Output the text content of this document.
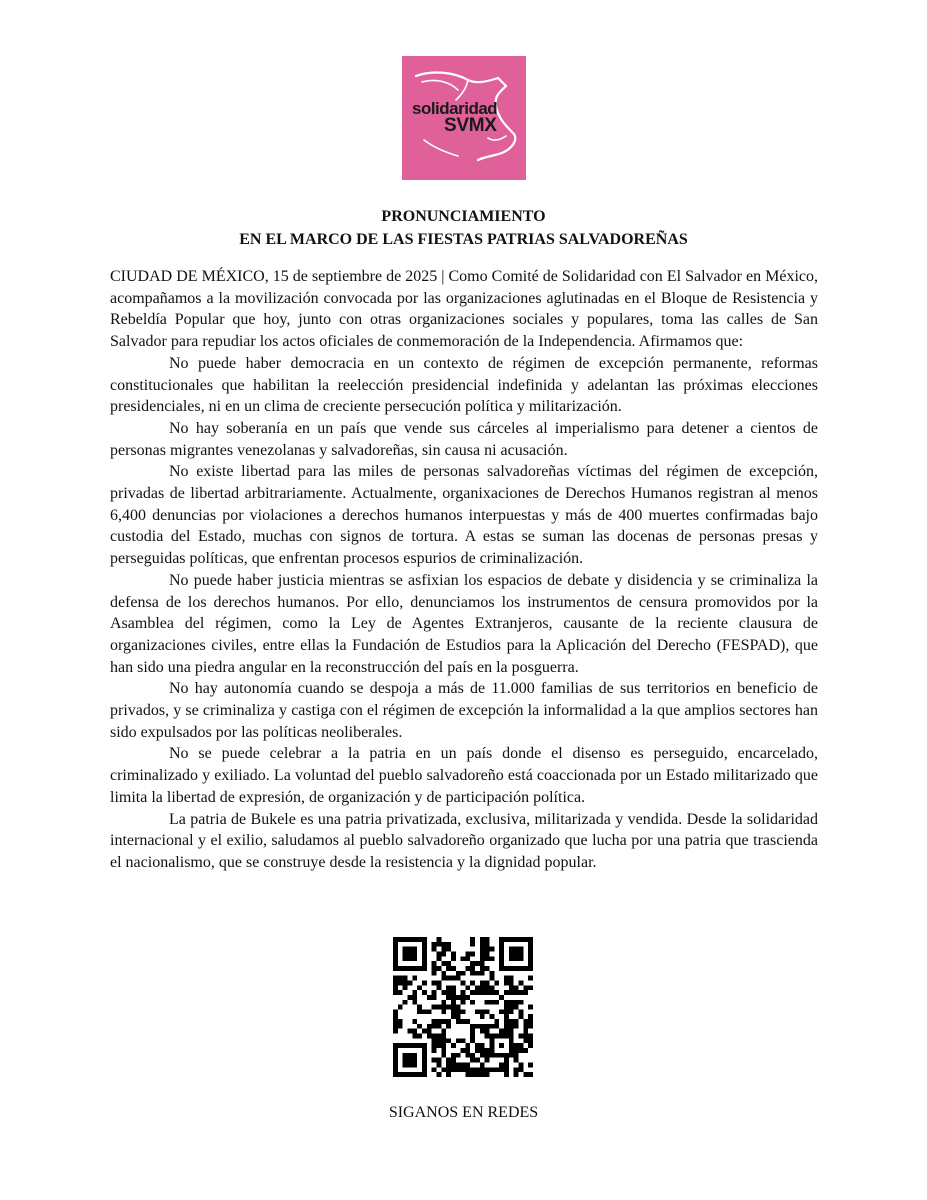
solidaridad
SVMX
PRONUNCIAMIENTO
EN EL MARCO DE LAS FIESTAS PATRIAS SALVADOREÑAS

CIUDAD DE MÉXICO, 15 de septiembre de 2025 | Como Comité de Solidaridad con El Salvador en México, acompañamos a la movilización convocada por las organizaciones aglutinadas en el Bloque de Resistencia y Rebeldía Popular que hoy, junto con otras organizaciones sociales y populares, toma las calles de San Salvador para repudiar los actos oficiales de conmemoración de la Independencia. Afirmamos que:

No puede haber democracia en un contexto de régimen de excepción permanente, reformas constitucionales que habilitan la reelección presidencial indefinida y adelantan las próximas elecciones presidenciales, ni en un clima de creciente persecución política y militarización.

No hay soberanía en un país que vende sus cárceles al imperialismo para detener a cientos de personas migrantes venezolanas y salvadoreñas, sin causa ni acusación.

No existe libertad para las miles de personas salvadoreñas víctimas del régimen de excepción, privadas de libertad arbitrariamente. Actualmente, organixaciones de Derechos Humanos registran al menos 6,400 denuncias por violaciones a derechos humanos interpuestas y más de 400 muertes confirmadas bajo custodia del Estado, muchas con signos de tortura. A estas se suman las docenas de personas presas y perseguidas políticas, que enfrentan procesos espurios de criminalización.

No puede haber justicia mientras se asfixian los espacios de debate y disidencia y se criminaliza la defensa de los derechos humanos. Por ello, denunciamos los instrumentos de censura promovidos por la Asamblea del régimen, como la Ley de Agentes Extranjeros, causante de la reciente clausura de organizaciones civiles, entre ellas la Fundación de Estudios para la Aplicación del Derecho (FESPAD), que han sido una piedra angular en la reconstrucción del país en la posguerra.

No hay autonomía cuando se despoja a más de 11.000 familias de sus territorios en beneficio de privados, y se criminaliza y castiga con el régimen de excepción la informalidad a la que amplios sectores han sido expulsados por las políticas neoliberales.

No se puede celebrar a la patria en un país donde el disenso es perseguido, encarcelado, criminalizado y exiliado. La voluntad del pueblo salvadoreño está coaccionada por un Estado militarizado que limita la libertad de expresión, de organización y de participación política.

La patria de Bukele es una patria privatizada, exclusiva, militarizada y vendida. Desde la solidaridad internacional y el exilio, saludamos al pueblo salvadoreño organizado que lucha por una patria que trascienda el nacionalismo, que se construye desde la resistencia y la dignidad popular.

SIGANOS EN REDES
